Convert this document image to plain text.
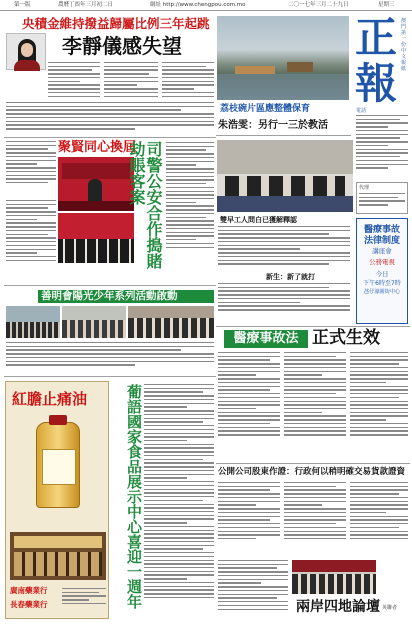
第一版	農曆丁酉年三月初二日	網址 http://www.chengpou.com.mo	二〇一七年三月二十九日	星期三
央積金維持撥益歸屬比例三年起跳
李靜儀感失望
荔枝碗片區應整體保育
朱浩雯：另行一三於教活
正
報
澳門第一份中文報紙
電話
代理
聚賢同心換屆 司警公安合作搗賭劫賬客案
善明會陽光少年系列活動啟動
雙早工人問白已獲解釋認
新生：新了就打
醫療事故
法律制度
講座會
公務電視
今日
下午6時至7時
氹仔濠圍街中心
醫療事故法 正式生效
紅膽止痛油
廣南藥業行
長春藥業行	葡語國家食品展示中心喜迎一週年	公開公司股東作證：行政何以稍明確交易貨款證資
兩岸四地論壇 英聯者
